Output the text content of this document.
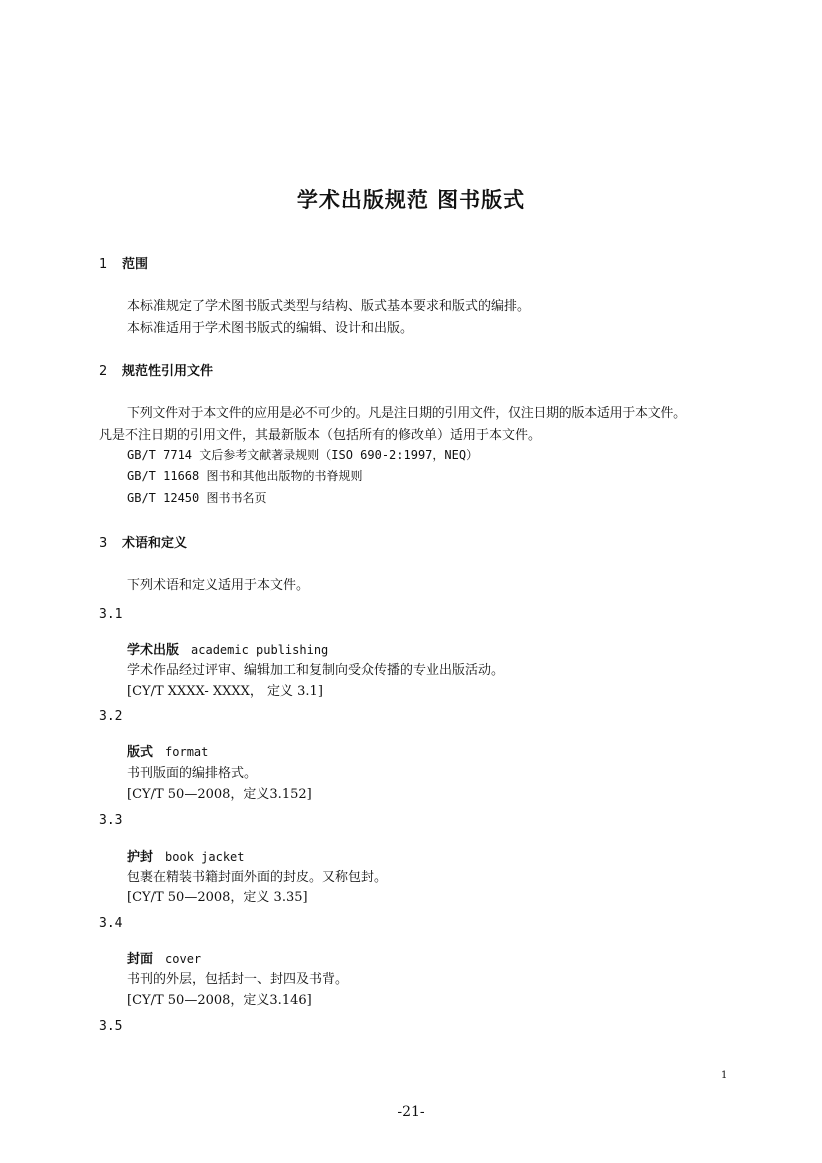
学术出版规范 图书版式
1 范围
本标准规定了学术图书版式类型与结构、版式基本要求和版式的编排。
本标准适用于学术图书版式的编辑、设计和出版。
2 规范性引用文件
下列文件对于本文件的应用是必不可少的。凡是注日期的引用文件，仅注日期的版本适用于本文件。
凡是不注日期的引用文件，其最新版本（包括所有的修改单）适用于本文件。
GB/T 7714 文后参考文献著录规则（ISO 690-2:1997，NEQ）
GB/T 11668 图书和其他出版物的书脊规则
GB/T 12450 图书书名页
3 术语和定义
下列术语和定义适用于本文件。
3.1
学术出版 academic publishing
学术作品经过评审、编辑加工和复制向受众传播的专业出版活动。
[CY/T XXXX- XXXX， 定义 3.1]
3.2
版式 format
书刊版面的编排格式。
[CY/T 50—2008，定义3.152]
3.3
护封 book jacket
包裹在精装书籍封面外面的封皮。又称包封。
[CY/T 50—2008，定义 3.35]
3.4
封面 cover
书刊的外层，包括封一、封四及书背。
[CY/T 50—2008，定义3.146]
3.5
1
-21-
